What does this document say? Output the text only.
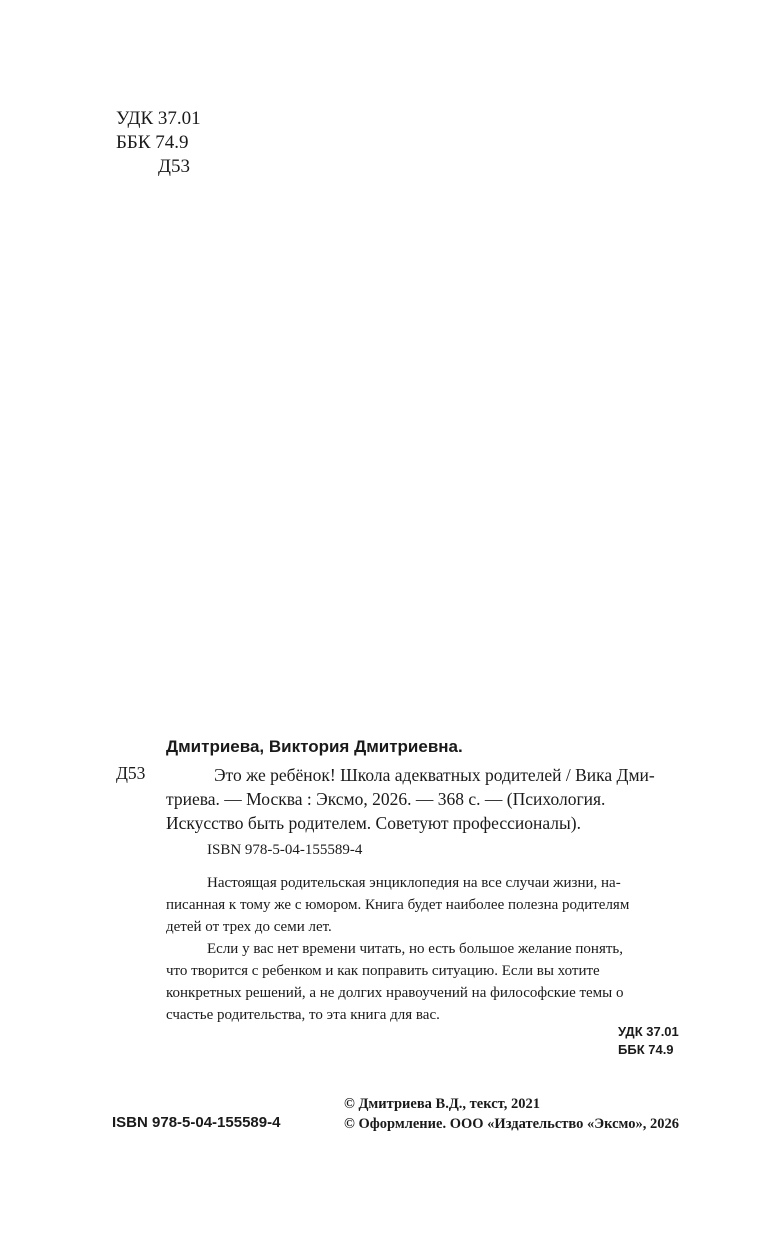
УДК 37.01
ББК 74.9
Д53
Дмитриева, Виктория Дмитриевна.
Д53	Это же ребёнок! Школа адекватных родителей / Вика Дми-
триева. — Москва : Эксмо, 2026. — 368 с. — (Психология.
Искусство быть родителем. Советуют профессионалы).
ISBN 978-5-04-155589-4
Настоящая родительская энциклопедия на все случаи жизни, на-
писанная к тому же с юмором. Книга будет наиболее полезна родителям
детей от трех до семи лет.
Если у вас нет времени читать, но есть большое желание понять,
что творится с ребенком и как поправить ситуацию. Если вы хотите
конкретных решений, а не долгих нравоучений на философские темы о
счастье родительства, то эта книга для вас.
УДК 37.01
ББК 74.9
ISBN 978-5-04-155589-4
© Дмитриева В.Д., текст, 2021
© Оформление. ООО «Издательство «Эксмо», 2026
